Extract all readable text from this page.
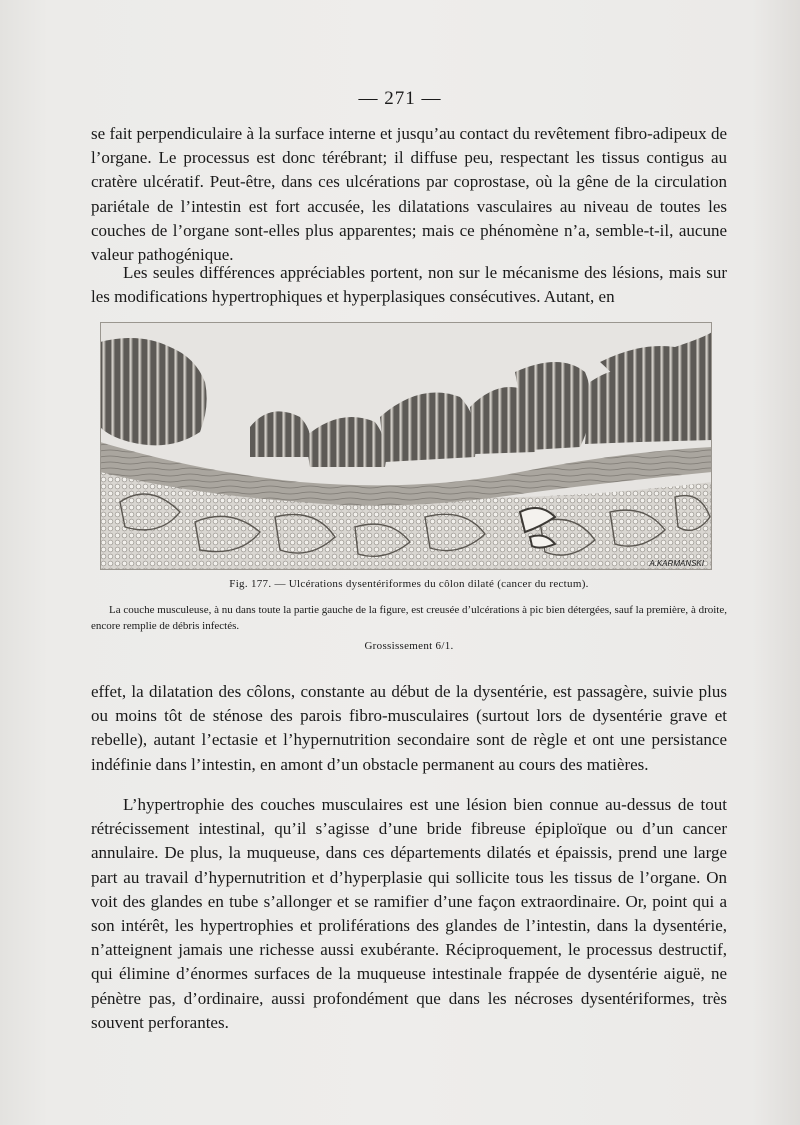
— 271 —

se fait perpendiculaire à la surface interne et jusqu’au contact du revêtement fibro-adipeux de l’organe. Le processus est donc térébrant; il diffuse peu, respectant les tissus contigus au cratère ulcératif. Peut-être, dans ces ulcérations par coprostase, où la gêne de la circulation pariétale de l’intestin est fort accusée, les dilatations vasculaires au niveau de toutes les couches de l’organe sont-elles plus apparentes; mais ce phénomène n’a, semble-t-il, aucune valeur pathogénique.

Les seules différences appréciables portent, non sur le mécanisme des lésions, mais sur les modifications hypertrophiques et hyperplasiques consécutives. Autant, en

A.KARMANSKI
Fig. 177. — Ulcérations dysentériformes du côlon dilaté (cancer du rectum).

La couche musculeuse, à nu dans toute la partie gauche de la figure, est creusée d’ulcérations à pic bien détergées, sauf la première, à droite, encore remplie de débris infectés.

Grossissement 6/1.

effet, la dilatation des côlons, constante au début de la dysentérie, est passagère, suivie plus ou moins tôt de sténose des parois fibro-musculaires (surtout lors de dysentérie grave et rebelle), autant l’ectasie et l’hypernutrition secondaire sont de règle et ont une persistance indéfinie dans l’intestin, en amont d’un obstacle permanent au cours des matières.

L’hypertrophie des couches musculaires est une lésion bien connue au-dessus de tout rétrécissement intestinal, qu’il s’agisse d’une bride fibreuse épiploïque ou d’un cancer annulaire. De plus, la muqueuse, dans ces départements dilatés et épaissis, prend une large part au travail d’hypernutrition et d’hyperplasie qui sollicite tous les tissus de l’organe. On voit des glandes en tube s’allonger et se ramifier d’une façon extraordinaire. Or, point qui a son intérêt, les hypertrophies et proliférations des glandes de l’intestin, dans la dysentérie, n’atteignent jamais une richesse aussi exubérante. Réciproquement, le processus destructif, qui élimine d’énormes surfaces de la muqueuse intestinale frappée de dysentérie aiguë, ne pénètre pas, d’ordinaire, aussi profondément que dans les nécroses dysentériformes, très souvent perforantes.
